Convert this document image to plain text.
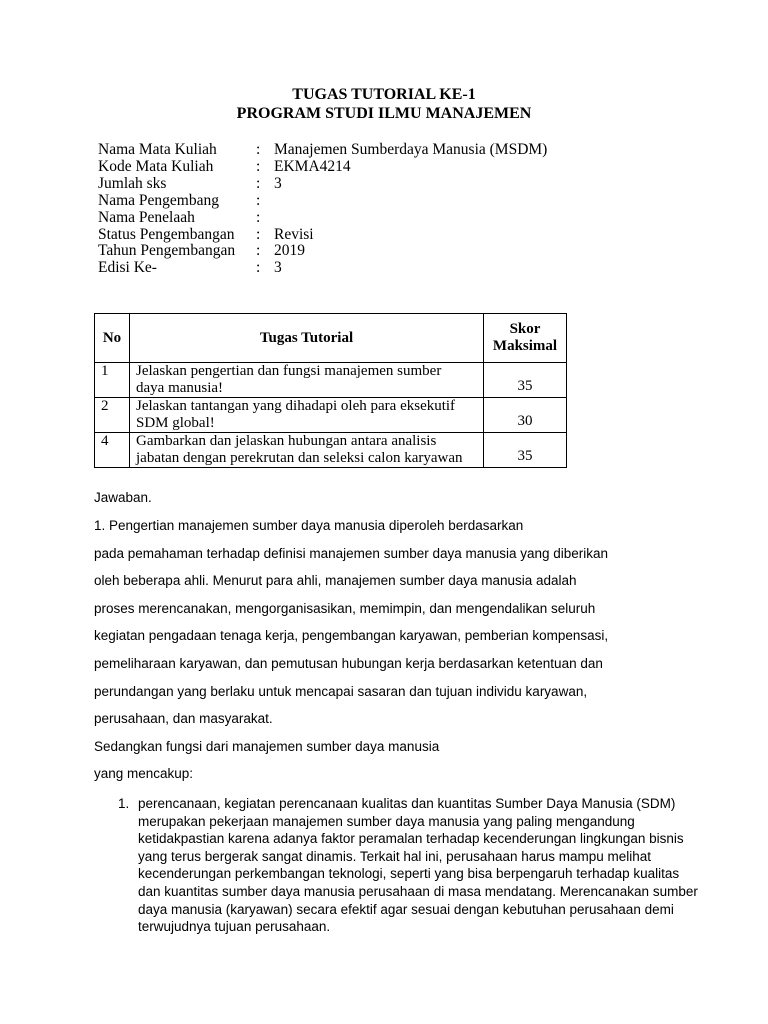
TUGAS TUTORIAL KE-1
PROGRAM STUDI ILMU MANAJEMEN
Nama Mata Kuliah	: Manajemen Sumberdaya Manusia (MSDM)
Kode Mata Kuliah	: EKMA4214
Jumlah sks	: 3
Nama Pengembang :
Nama Penelaah	:
Status Pengembangan : Revisi
Tahun Pengembangan : 2019
Edisi Ke-	: 3
No	Tugas Tutorial	Skor
Maksimal

1	Jelaskan pengertian dan fungsi manajemen sumber
daya manusia!	35
2	Jelaskan tantangan yang dihadapi oleh para eksekutif
SDM global!	30
4	Gambarkan dan jelaskan hubungan antara analisis
jabatan dengan perekrutan dan seleksi calon karyawan	35
Jawaban.
1. Pengertian manajemen sumber daya manusia diperoleh berdasarkan
pada pemahaman terhadap definisi manajemen sumber daya manusia yang diberikan
oleh beberapa ahli. Menurut para ahli, manajemen sumber daya manusia adalah
proses merencanakan, mengorganisasikan, memimpin, dan mengendalikan seluruh
kegiatan pengadaan tenaga kerja, pengembangan karyawan, pemberian kompensasi,
pemeliharaan karyawan, dan pemutusan hubungan kerja berdasarkan ketentuan dan
perundangan yang berlaku untuk mencapai sasaran dan tujuan individu karyawan,
perusahaan, dan masyarakat.
Sedangkan fungsi dari manajemen sumber daya manusia
yang mencakup:
1. perencanaan, kegiatan perencanaan kualitas dan kuantitas Sumber Daya Manusia (SDM)
merupakan pekerjaan manajemen sumber daya manusia yang paling mengandung
ketidakpastian karena adanya faktor peramalan terhadap kecenderungan lingkungan bisnis
yang terus bergerak sangat dinamis. Terkait hal ini, perusahaan harus mampu melihat
kecenderungan perkembangan teknologi, seperti yang bisa berpengaruh terhadap kualitas
dan kuantitas sumber daya manusia perusahaan di masa mendatang. Merencanakan sumber
daya manusia (karyawan) secara efektif agar sesuai dengan kebutuhan perusahaan demi
terwujudnya tujuan perusahaan.
